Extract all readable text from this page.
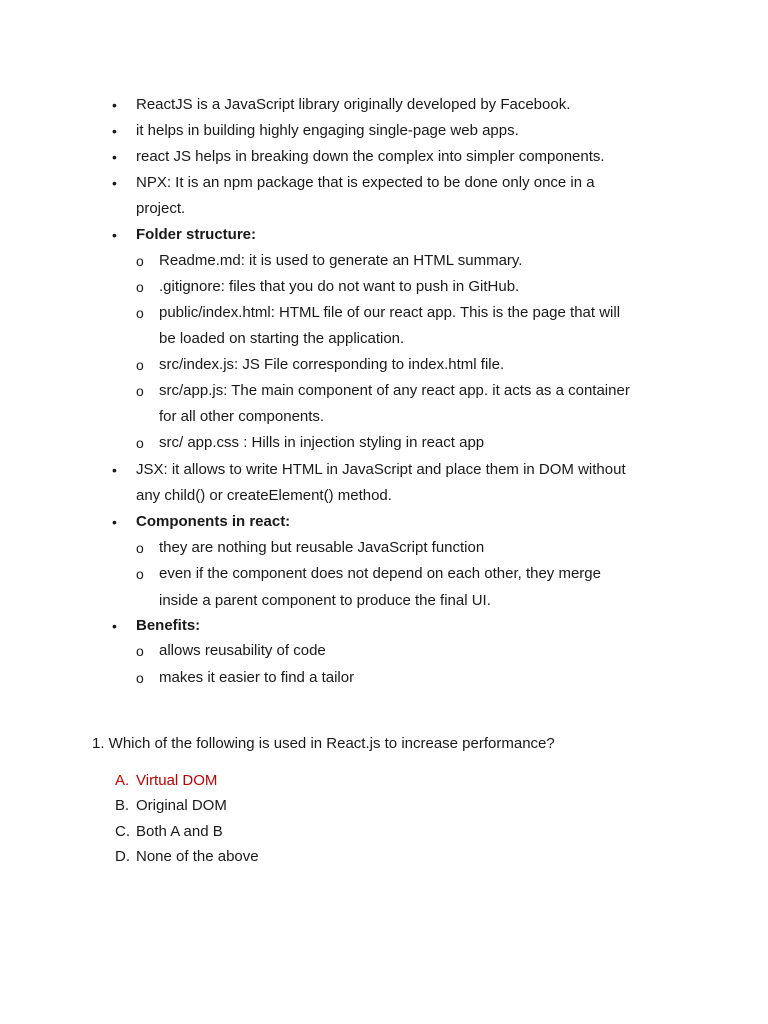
• ReactJS is a JavaScript library originally developed by Facebook.
• it helps in building highly engaging single-page web apps.
• react JS helps in breaking down the complex into simpler components.
• NPX: It is an npm package that is expected to be done only once in a
project.
• Folder structure:
o Readme.md: it is used to generate an HTML summary.
o .gitignore: files that you do not want to push in GitHub.
o public/index.html: HTML file of our react app. This is the page that will
be loaded on starting the application.
o src/index.js: JS File corresponding to index.html file.
o src/app.js: The main component of any react app. it acts as a container
for all other components.
o src/ app.css : Hills in injection styling in react app
• JSX: it allows to write HTML in JavaScript and place them in DOM without
any child() or createElement() method.
• Components in react:
o they are nothing but reusable JavaScript function
o even if the component does not depend on each other, they merge
inside a parent component to produce the final UI.
• Benefits:
o allows reusability of code
o makes it easier to find a tailor
1. Which of the following is used in React.js to increase performance?
A. Virtual DOM
B. Original DOM
C. Both A and B
D. None of the above
